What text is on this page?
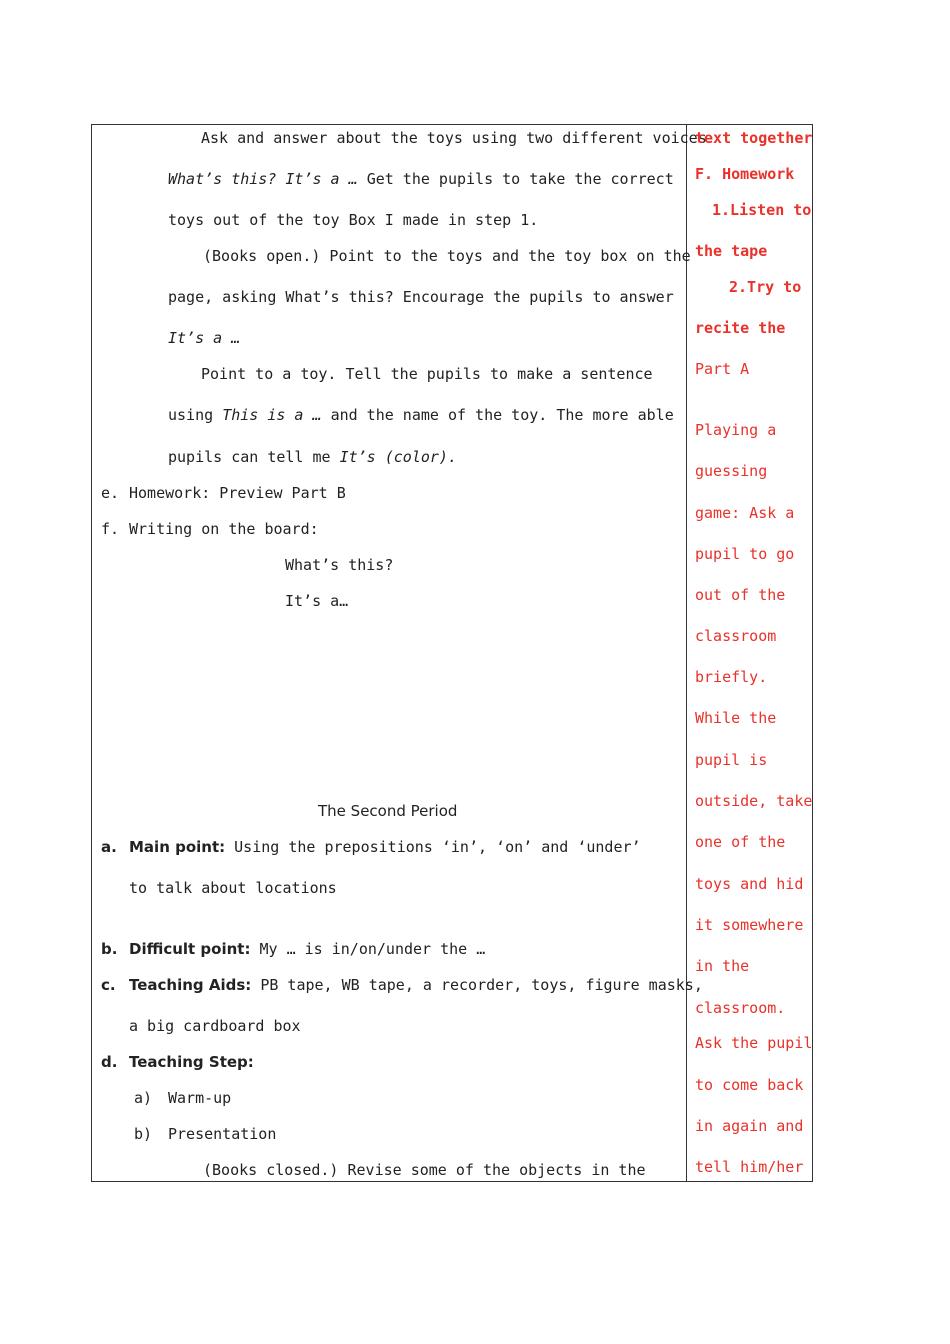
Ask and answer about the toys using two different voices
What’s this? It’s a … Get the pupils to take the correct
toys out of the toy Box I made in step 1.
(Books open.) Point to the toys and the toy box on the
page, asking What’s this? Encourage the pupils to answer
It’s a …
Point to a toy. Tell the pupils to make a sentence
using This is a … and the name of the toy. The more able
pupils can tell me It’s (color).
e. Homework: Preview Part B
f. Writing on the board:
What’s this?
It’s a…
The Second Period
a. Main point: Using the prepositions ‘in’, ‘on’ and ‘under’
to talk about locations
b. Difficult point: My … is in/on/under the …
c. Teaching Aids: PB tape, WB tape, a recorder, toys, figure masks,
a big cardboard box
d. Teaching Step:
a) Warm-up
b) Presentation
(Books closed.) Revise some of the objects in the
text together
F. Homework
1.Listen to
the tape
2.Try to
recite the
Part A
Playing a
guessing
game: Ask a
pupil to go
out of the
classroom
briefly.
While the
pupil is
outside, take
one of the
toys and hid
it somewhere
in the
classroom.
Ask the pupil
to come back
in again and
tell him/her
